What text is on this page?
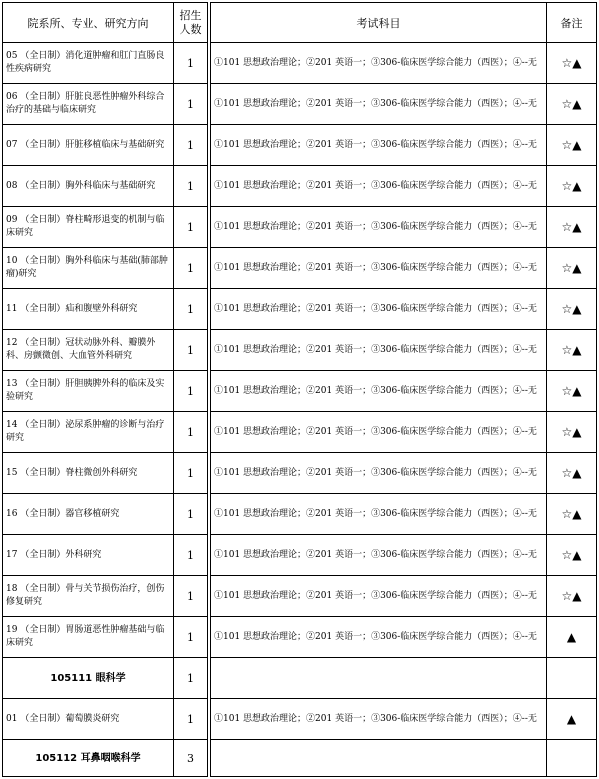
院系所、专业、研究方向	招生人数		考试科目	备注
05 （全日制）消化道肿瘤和肛门直肠良性疾病研究	1		①101 思想政治理论；②201 英语一；③306-临床医学综合能力（西医）；④--无	☆▲
06 （全日制）肝脏良恶性肿瘤外科综合治疗的基础与临床研究	1		①101 思想政治理论；②201 英语一；③306-临床医学综合能力（西医）；④--无	☆▲
07 （全日制）肝脏移植临床与基础研究	1		①101 思想政治理论；②201 英语一；③306-临床医学综合能力（西医）；④--无	☆▲
08 （全日制）胸外科临床与基础研究	1		①101 思想政治理论；②201 英语一；③306-临床医学综合能力（西医）；④--无	☆▲
09 （全日制）脊柱畸形退变的机制与临床研究	1		①101 思想政治理论；②201 英语一；③306-临床医学综合能力（西医）；④--无	☆▲
10 （全日制）胸外科临床与基础(肺部肿瘤)研究	1		①101 思想政治理论；②201 英语一；③306-临床医学综合能力（西医）；④--无	☆▲
11 （全日制）疝和腹壁外科研究	1		①101 思想政治理论；②201 英语一；③306-临床医学综合能力（西医）；④--无	☆▲
12 （全日制）冠状动脉外科、瓣膜外科、房颤微创、大血管外科研究	1		①101 思想政治理论；②201 英语一；③306-临床医学综合能力（西医）；④--无	☆▲
13 （全日制）肝胆胰脾外科的临床及实验研究	1		①101 思想政治理论；②201 英语一；③306-临床医学综合能力（西医）；④--无	☆▲
14 （全日制）泌尿系肿瘤的诊断与治疗研究	1		①101 思想政治理论；②201 英语一；③306-临床医学综合能力（西医）；④--无	☆▲
15 （全日制）脊柱微创外科研究	1		①101 思想政治理论；②201 英语一；③306-临床医学综合能力（西医）；④--无	☆▲
16 （全日制）器官移植研究	1		①101 思想政治理论；②201 英语一；③306-临床医学综合能力（西医）；④--无	☆▲
17 （全日制）外科研究	1		①101 思想政治理论；②201 英语一；③306-临床医学综合能力（西医）；④--无	☆▲
18 （全日制）骨与关节损伤治疗，创伤修复研究	1		①101 思想政治理论；②201 英语一；③306-临床医学综合能力（西医）；④--无	☆▲
19 （全日制）胃肠道恶性肿瘤基础与临床研究	1		①101 思想政治理论；②201 英语一；③306-临床医学综合能力（西医）；④--无	▲
105111 眼科学	1			
01 （全日制）葡萄膜炎研究	1		①101 思想政治理论；②201 英语一；③306-临床医学综合能力（西医）；④--无	▲
105112 耳鼻咽喉科学	3			
